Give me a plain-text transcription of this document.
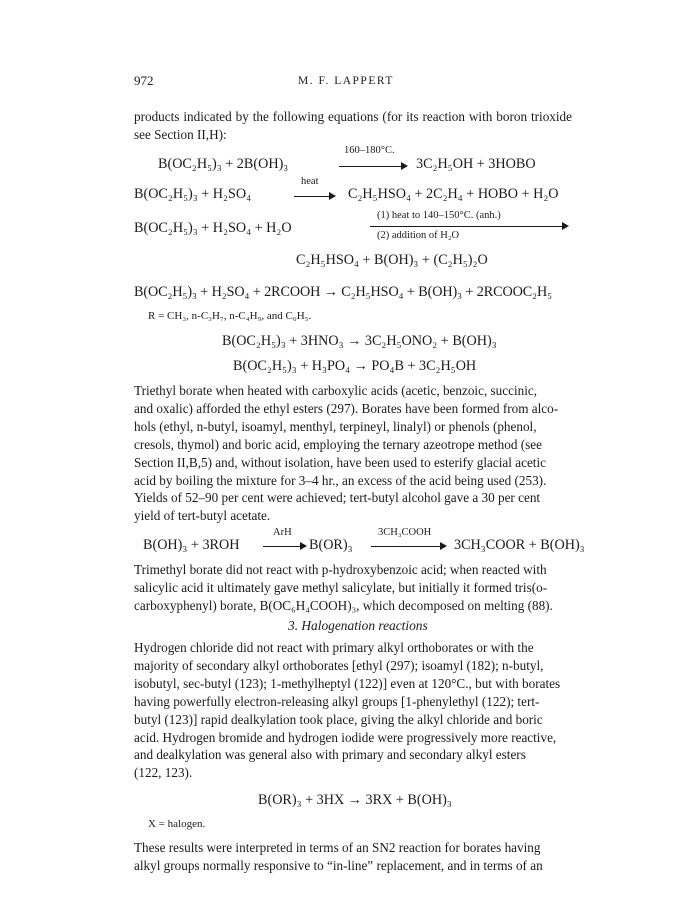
972	M. F. LAPPERT
products indicated by the following equations (for its reaction with boron trioxide see Section II,H):
B(OC₂H₅)₃ + 2B(OH)₃
160–180°C.
3C₂H₅OH + 3HOBO
B(OC₂H₅)₃ + H₂SO₄
heat
C₂H₅HSO₄ + 2C₂H₄ + HOBO + H₂O
B(OC₂H₅)₃ + H₂SO₄ + H₂O
(1) heat to 140–150°C. (anh.)
(2) addition of H₂O
C₂H₅HSO₄ + B(OH)₃ + (C₂H₅)₂O
B(OC₂H₅)₃ + H₂SO₄ + 2RCOOH → C₂H₅HSO₄ + B(OH)₃ + 2RCOOC₂H₅
R = CH₃, n-C₃H₇, n-C₄H₉, and C₆H₅.
B(OC₂H₅)₃ + 3HNO₃ → 3C₂H₅ONO₂ + B(OH)₃
B(OC₂H₅)₃ + H₃PO₄ → PO₄B + 3C₂H₅OH
Triethyl borate when heated with carboxylic acids (acetic, benzoic, succinic,
and oxalic) afforded the ethyl esters (297). Borates have been formed from alco-
hols (ethyl, n-butyl, isoamyl, menthyl, terpineyl, linalyl) or phenols (phenol,
cresols, thymol) and boric acid, employing the ternary azeotrope method (see
Section II,B,5) and, without isolation, have been used to esterify glacial acetic
acid by boiling the mixture for 3–4 hr., an excess of the acid being used (253).
Yields of 52–90 per cent were achieved; tert-butyl alcohol gave a 30 per cent
yield of tert-butyl acetate.
B(OH)₃ + 3ROH
ArH
B(OR)₃
3CH₃COOH
3CH₃COOR + B(OH)₃
Trimethyl borate did not react with p-hydroxybenzoic acid; when reacted with
salicylic acid it ultimately gave methyl salicylate, but initially it formed tris(o-
carboxyphenyl) borate, B(OC₆H₄COOH)₃, which decomposed on melting (88).
3. Halogenation reactions
Hydrogen chloride did not react with primary alkyl orthoborates or with the
majority of secondary alkyl orthoborates [ethyl (297); isoamyl (182); n-butyl,
isobutyl, sec-butyl (123); 1-methylheptyl (122)] even at 120°C., but with borates
having powerfully electron-releasing alkyl groups [1-phenylethyl (122); tert-
butyl (123)] rapid dealkylation took place, giving the alkyl chloride and boric
acid. Hydrogen bromide and hydrogen iodide were progressively more reactive,
and dealkylation was general also with primary and secondary alkyl esters
(122, 123).
B(OR)₃ + 3HX → 3RX + B(OH)₃
X = halogen.
These results were interpreted in terms of an SN2 reaction for borates having
alkyl groups normally responsive to “in-line” replacement, and in terms of an
